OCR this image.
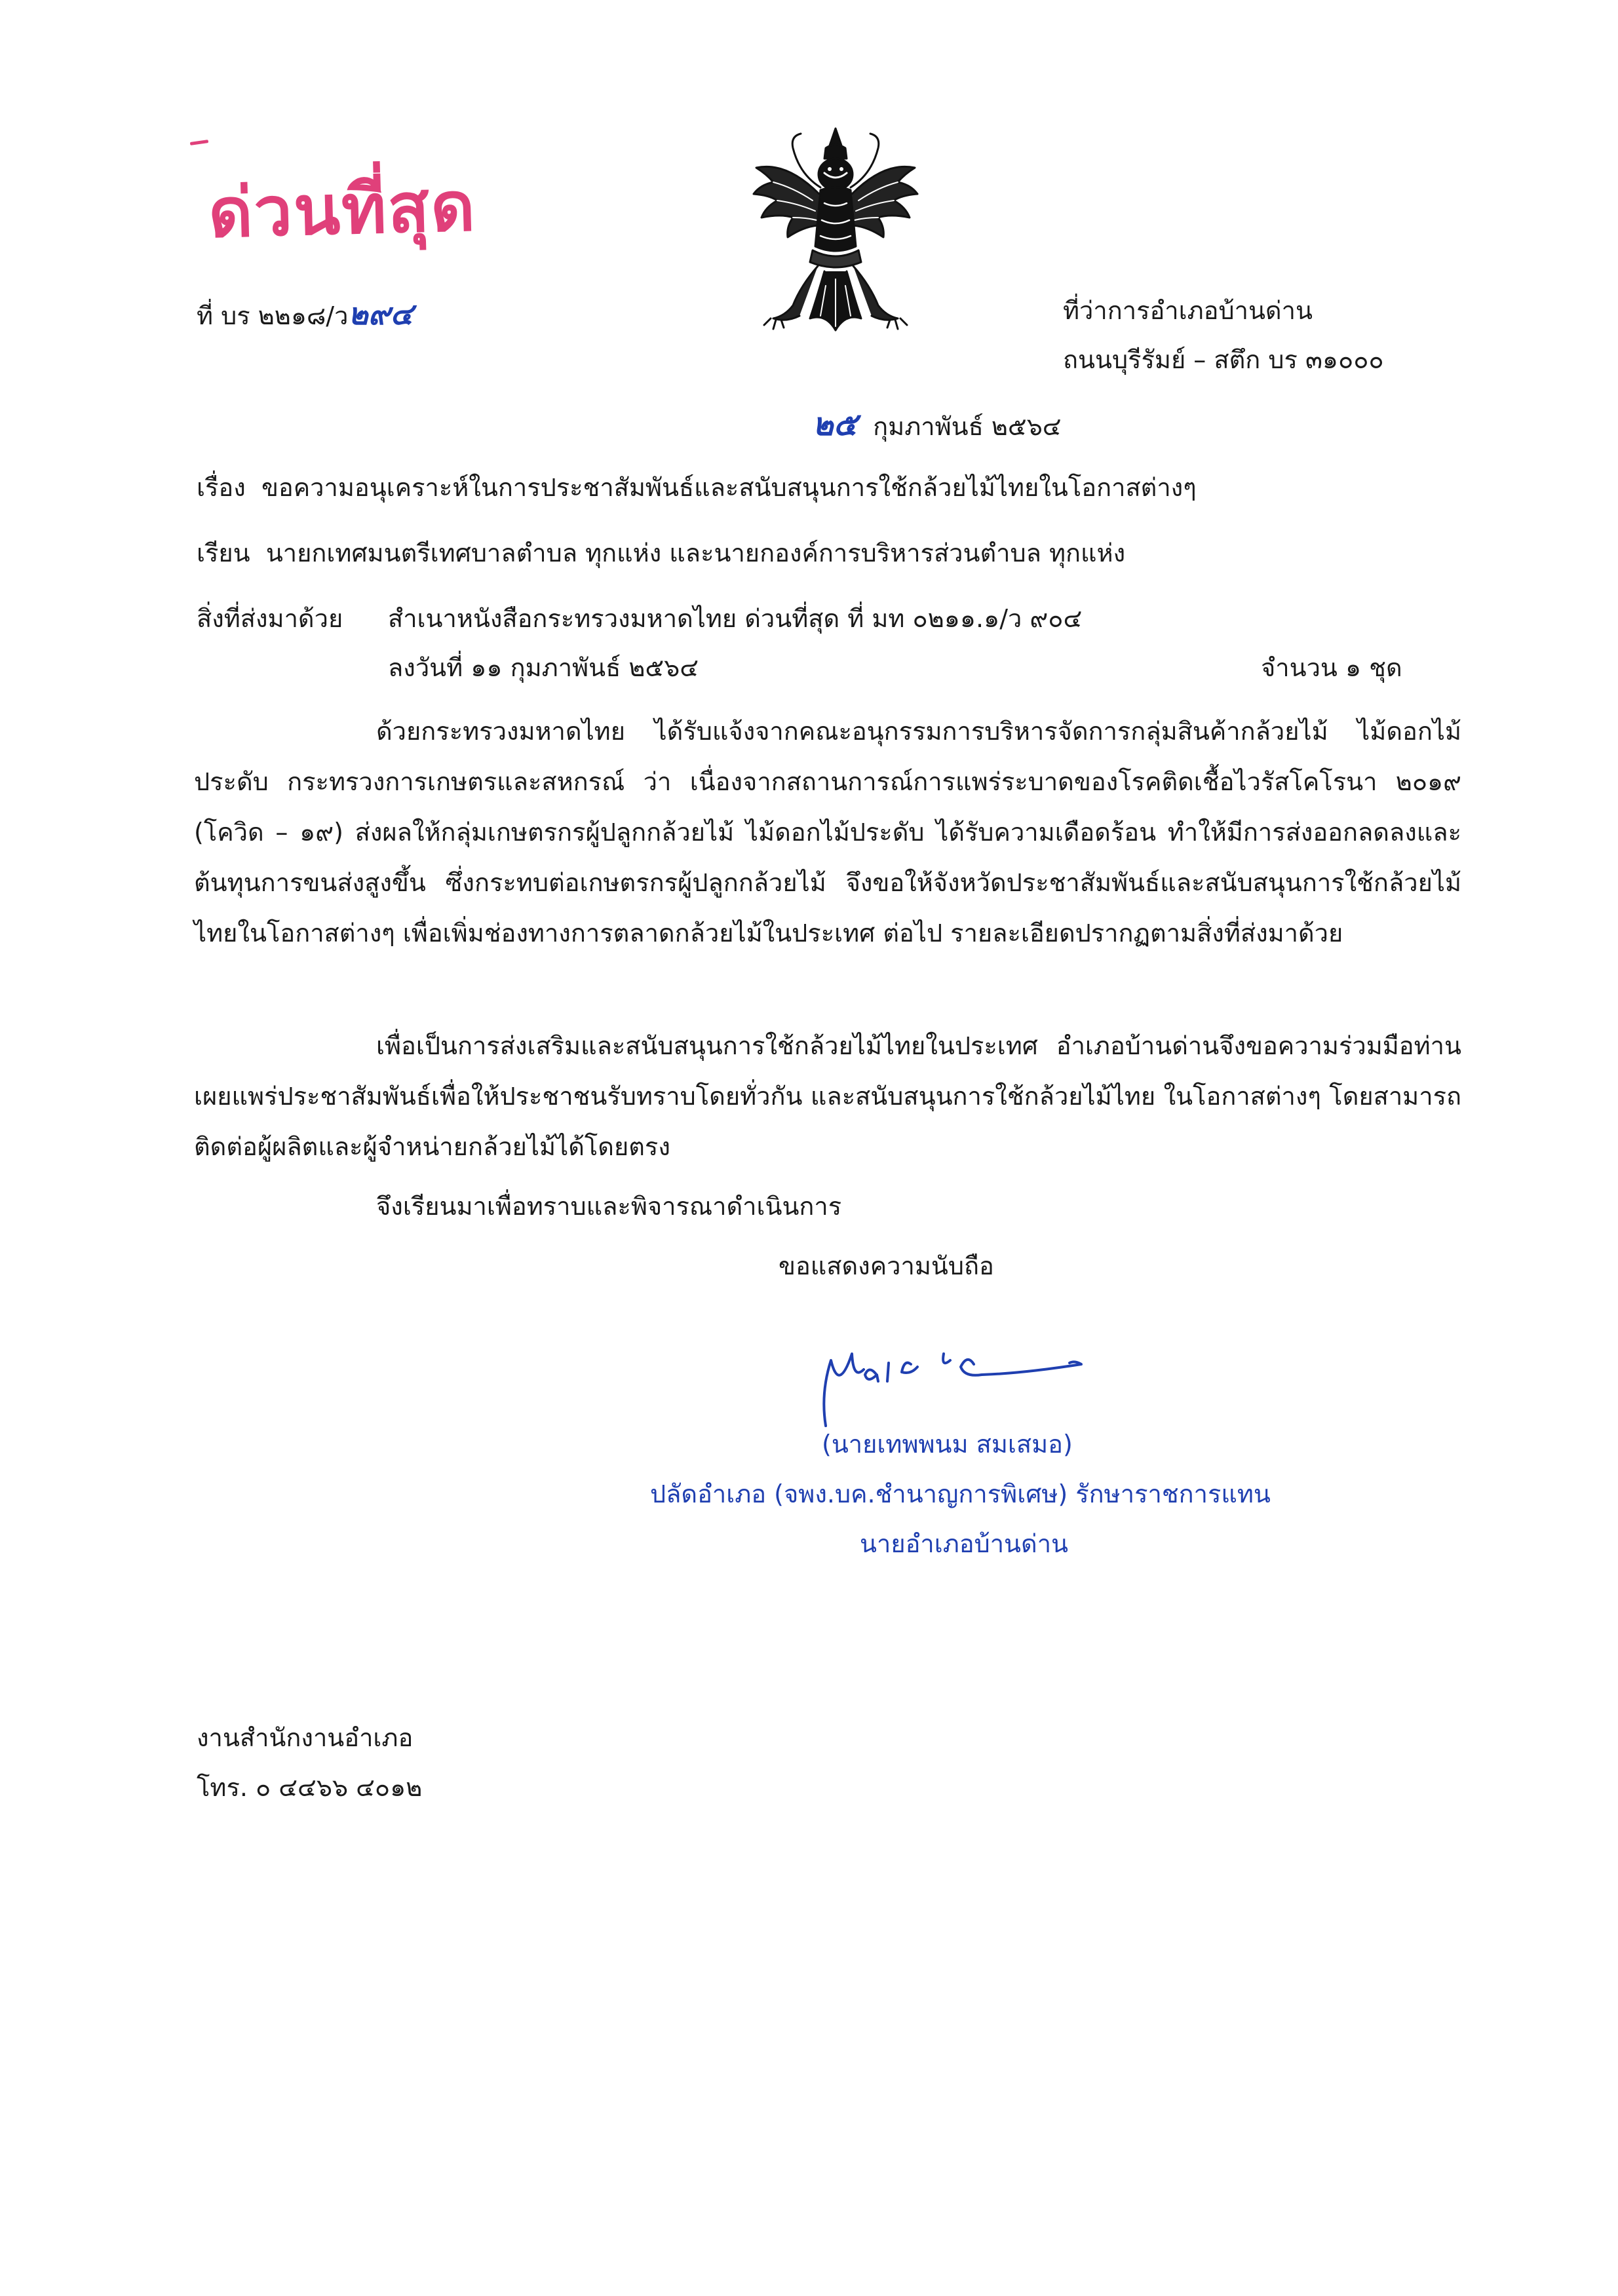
ด่วนที่สุด
ที่ บร ๒๒๑๘/ว๒๙๔	ที่ว่าการอำเภอบ้านด่าน
ถนนบุรีรัมย์ – สตึก บร ๓๑๐๐๐
๒๕ กุมภาพันธ์ ๒๕๖๔
เรื่อง ขอความอนุเคราะห์ในการประชาสัมพันธ์และสนับสนุนการใช้กล้วยไม้ไทยในโอกาสต่างๆ
เรียน นายกเทศมนตรีเทศบาลตำบล ทุกแห่ง และนายกองค์การบริหารส่วนตำบล ทุกแห่ง
สิ่งที่ส่งมาด้วย สำเนาหนังสือกระทรวงมหาดไทย ด่วนที่สุด ที่ มท ๐๒๑๑.๑/ว ๙๐๔
ลงวันที่ ๑๑ กุมภาพันธ์ ๒๕๖๔	จำนวน ๑ ชุด
ด้วยกระทรวงมหาดไทย ได้รับแจ้งจากคณะอนุกรรมการบริหารจัดการกลุ่มสินค้ากล้วยไม้ ไม้ดอกไม้ประดับ กระทรวงการเกษตรและสหกรณ์ ว่า เนื่องจากสถานการณ์การแพร่ระบาดของโรคติดเชื้อไวรัสโคโรนา ๒๐๑๙ (โควิด – ๑๙) ส่งผลให้กลุ่มเกษตรกรผู้ปลูกกล้วยไม้ ไม้ดอกไม้ประดับ ได้รับความเดือดร้อน ทำให้มีการส่งออกลดลงและต้นทุนการขนส่งสูงขึ้น ซึ่งกระทบต่อเกษตรกรผู้ปลูกกล้วยไม้ จึงขอให้จังหวัดประชาสัมพันธ์และสนับสนุนการใช้กล้วยไม้ไทยในโอกาสต่างๆ เพื่อเพิ่มช่องทางการตลาดกล้วยไม้ในประเทศ ต่อไป รายละเอียดปรากฏตามสิ่งที่ส่งมาด้วย
เพื่อเป็นการส่งเสริมและสนับสนุนการใช้กล้วยไม้ไทยในประเทศ อำเภอบ้านด่านจึงขอความร่วมมือท่าน เผยแพร่ประชาสัมพันธ์เพื่อให้ประชาชนรับทราบโดยทั่วกัน และสนับสนุนการใช้กล้วยไม้ไทย ในโอกาสต่างๆ โดยสามารถติดต่อผู้ผลิตและผู้จำหน่ายกล้วยไม้ได้โดยตรง
จึงเรียนมาเพื่อทราบและพิจารณาดำเนินการ
ขอแสดงความนับถือ
(นายเทพพนม สมเสมอ)
ปลัดอำเภอ (จพง.บค.ชำนาญการพิเศษ) รักษาราชการแทน
นายอำเภอบ้านด่าน
งานสำนักงานอำเภอ
โทร. ๐ ๔๔๖๖ ๔๐๑๒
